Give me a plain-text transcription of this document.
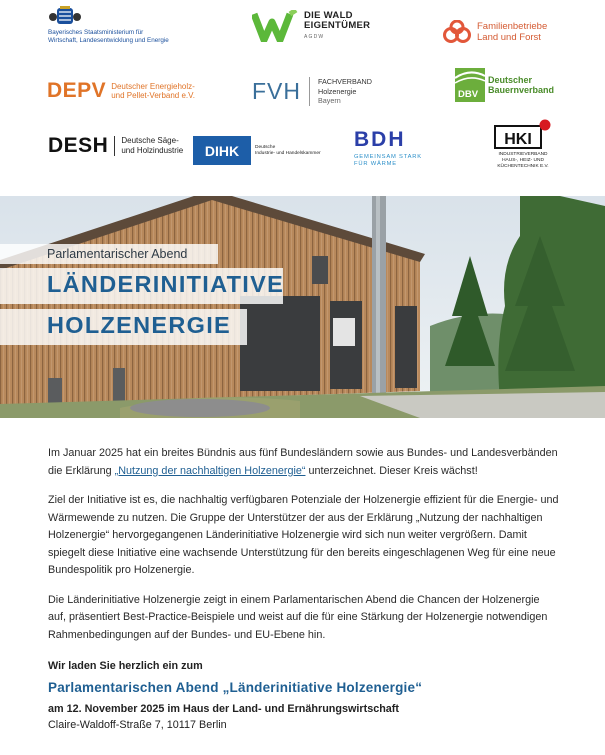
Bayerisches Staatsministerium für
Wirtschaft, Landesentwicklung und Energie
DIE WALD
EIGENTÜMER
AGDW
Familienbetriebe
Land und Forst
DEPV Deutscher Energieholz-
und Pellet-Verband e.V. FVH	FACHVERBAND
Holzenergie
Bayern
DBV
Deutscher
Bauernverband
DESH	Deutsche Säge-
und Holzindustrie	DIHK	Deutsche
Industrie- und Handelskammer
BDH
GEMEINSAM STARK
FÜR WÄRME
HKI
INDUSTRIEVERBAND
HAUS-, HEIZ- UND
KÜCHENTECHNIK E.V.
Parlamentarischer Abend
LÄNDERINITIATIVE
HOLZENERGIE

Im Januar 2025 hat ein breites Bündnis aus fünf Bundesländern sowie aus Bundes- und Landesverbänden die Erklärung „Nutzung der nachhaltigen Holzenergie“ unterzeichnet. Dieser Kreis wächst!

Ziel der Initiative ist es, die nachhaltig verfügbaren Potenziale der Holzenergie effizient für die Energie- und Wärmewende zu nutzen. Die Gruppe der Unterstützer der aus der Erklärung „Nutzung der nachhaltigen Holzenergie“ hervorgegangenen Länderinitiative Holzenergie wird sich nun weiter vergrößern. Damit spiegelt diese Initiative eine wachsende Unterstützung für den bereits eingeschlagenen Weg für eine neue Bundespolitik pro Holzenergie.

Die Länderinitiative Holzenergie zeigt in einem Parlamentarischen Abend die Chancen der Holzenergie auf, präsentiert Best-Practice-Beispiele und weist auf die für eine Stärkung der Holzenergie notwendigen Rahmenbedingungen auf der Bundes- und EU-Ebene hin.

Wir laden Sie herzlich ein zum
Parlamentarischen Abend „Länderinitiative Holzenergie“
am 12. November 2025 im Haus der Land- und Ernährungswirtschaft
Claire-Waldoff-Straße 7, 10117 Berlin
